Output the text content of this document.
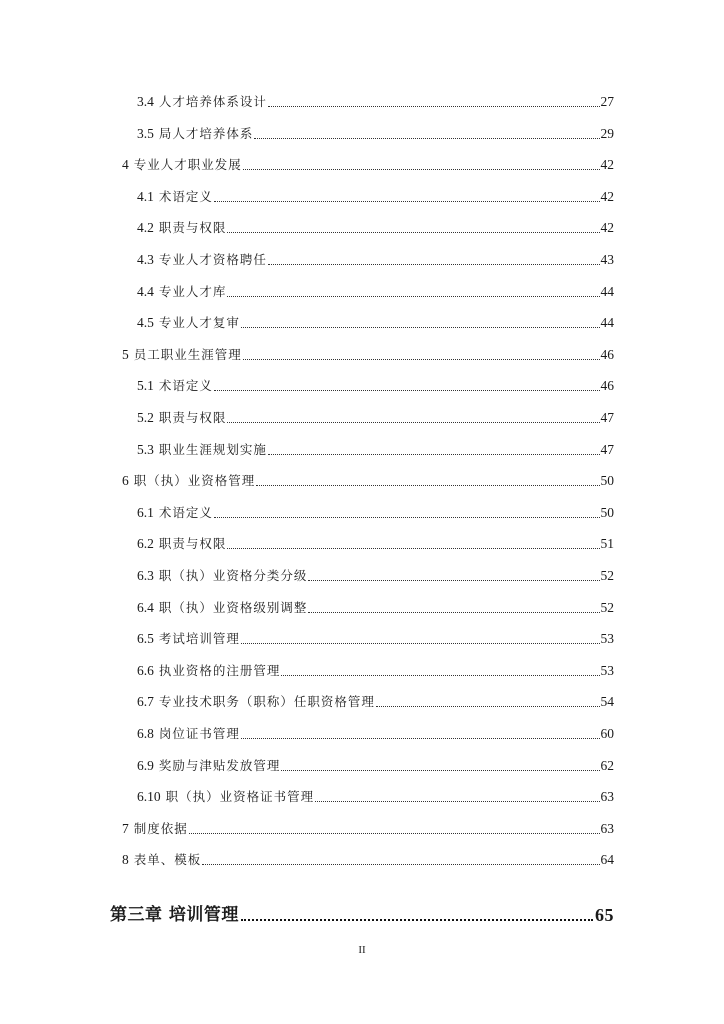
3.4 人才培养体系设计	27
3.5 局人才培养体系	29
4 专业人才职业发展	42
4.1 术语定义	42
4.2 职责与权限	42
4.3 专业人才资格聘任	43
4.4 专业人才库	44
4.5 专业人才复审	44
5 员工职业生涯管理	46
5.1 术语定义	46
5.2 职责与权限	47
5.3 职业生涯规划实施	47
6 职（执）业资格管理	50
6.1 术语定义	50
6.2 职责与权限	51
6.3 职（执）业资格分类分级	52
6.4 职（执）业资格级别调整	52
6.5 考试培训管理	53
6.6 执业资格的注册管理	53
6.7 专业技术职务（职称）任职资格管理	54
6.8 岗位证书管理	60
6.9 奖励与津贴发放管理	62
6.10 职（执）业资格证书管理	63
7 制度依据	63
8 表单、模板	64
第三章 培训管理	65
II
